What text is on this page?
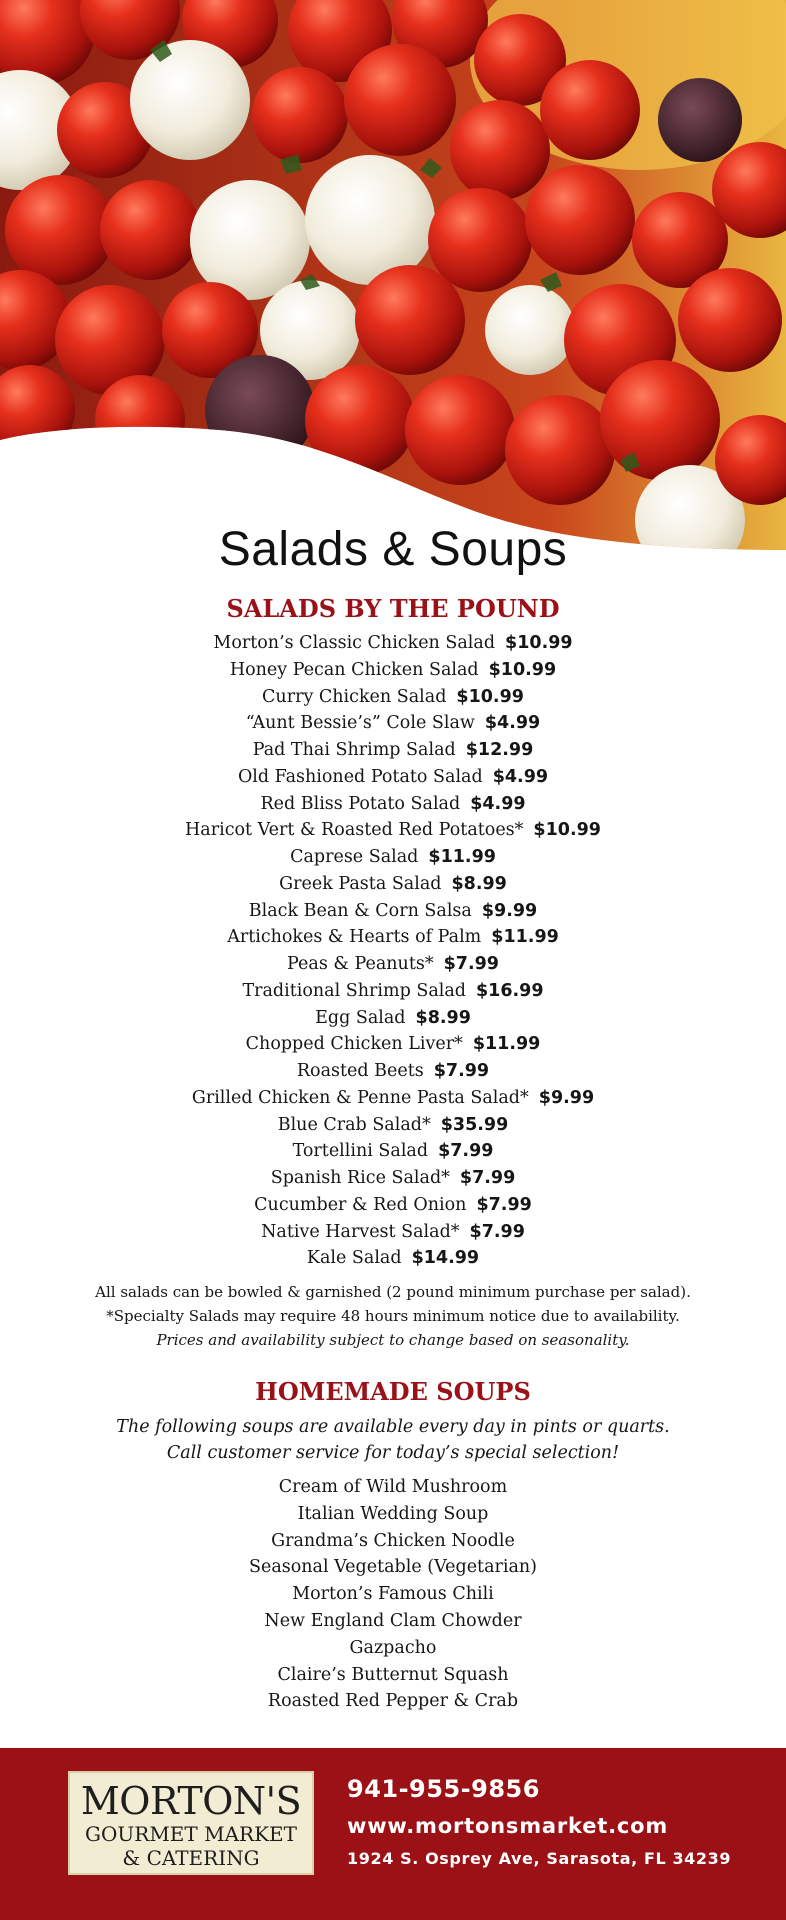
Salads & Soups
SALADS BY THE POUND
Morton’s Classic Chicken Salad $10.99
Honey Pecan Chicken Salad $10.99
Curry Chicken Salad $10.99
“Aunt Bessie’s” Cole Slaw $4.99
Pad Thai Shrimp Salad $12.99
Old Fashioned Potato Salad $4.99
Red Bliss Potato Salad $4.99
Haricot Vert & Roasted Red Potatoes* $10.99
Caprese Salad $11.99
Greek Pasta Salad $8.99
Black Bean & Corn Salsa $9.99
Artichokes & Hearts of Palm $11.99
Peas & Peanuts* $7.99
Traditional Shrimp Salad $16.99
Egg Salad $8.99
Chopped Chicken Liver* $11.99
Roasted Beets $7.99
Grilled Chicken & Penne Pasta Salad* $9.99
Blue Crab Salad* $35.99
Tortellini Salad $7.99
Spanish Rice Salad* $7.99
Cucumber & Red Onion $7.99
Native Harvest Salad* $7.99
Kale Salad $14.99
All salads can be bowled & garnished (2 pound minimum purchase per salad).
*Specialty Salads may require 48 hours minimum notice due to availability.
Prices and availability subject to change based on seasonality.
HOMEMADE SOUPS
The following soups are available every day in pints or quarts.
Call customer service for today’s special selection!
Cream of Wild Mushroom
Italian Wedding Soup
Grandma’s Chicken Noodle
Seasonal Vegetable (Vegetarian)
Morton’s Famous Chili
New England Clam Chowder
Gazpacho
Claire’s Butternut Squash
Roasted Red Pepper & Crab
MORTON'S
GOURMET MARKET
& CATERING
941-955-9856
www.mortonsmarket.com
1924 S. Osprey Ave, Sarasota, FL 34239
